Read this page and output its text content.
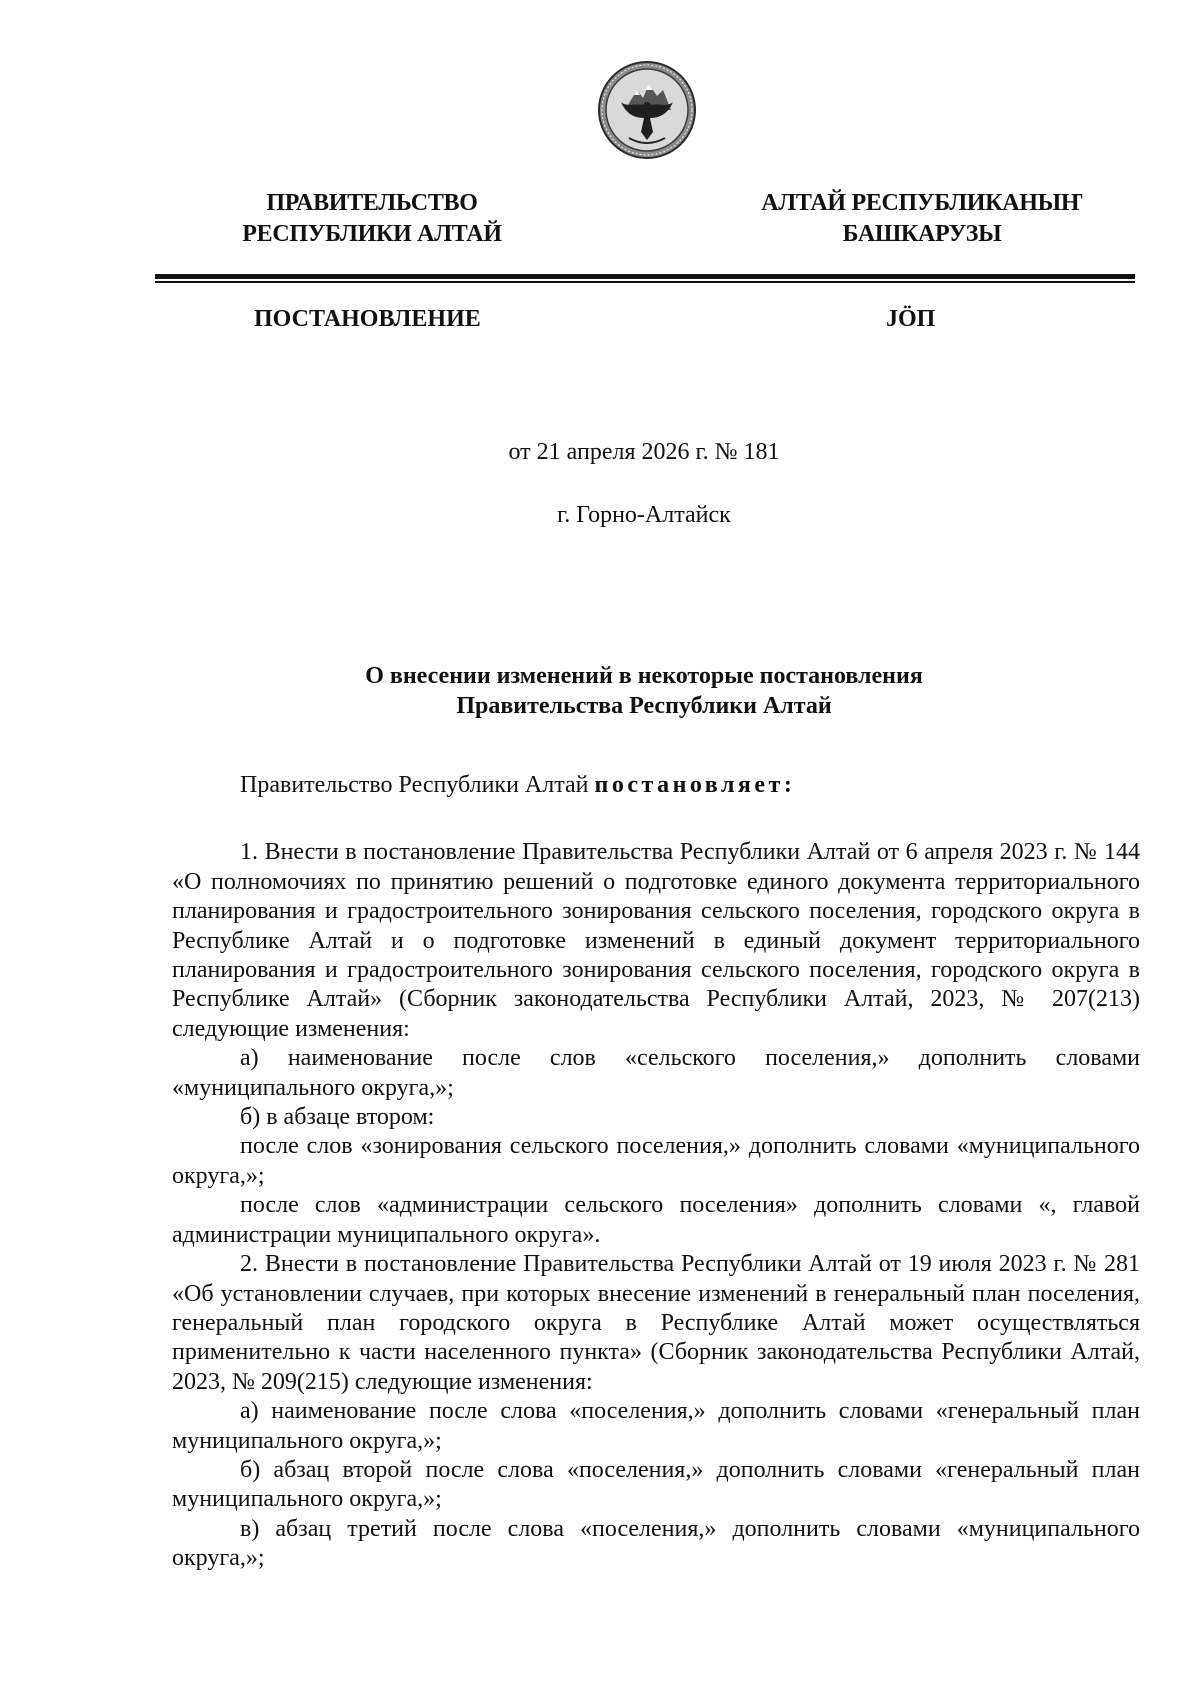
ПРАВИТЕЛЬСТВО
РЕСПУБЛИКИ АЛТАЙ
АЛТАЙ РЕСПУБЛИКАНЫҤ
БАШКАРУЗЫ
ПОСТАНОВЛЕНИЕ	ЈÖП
от 21 апреля 2026 г. № 181
г. Горно-Алтайск
О внесении изменений в некоторые постановления
Правительства Республики Алтай

Правительство Республики Алтай постановляет:

1. Внести в постановление Правительства Республики Алтай от 6 апреля 2023 г. № 144 «О полномочиях по принятию решений о подготовке единого документа территориального планирования и градостроительного зонирования сельского поселения, городского округа в Республике Алтай и о подготовке изменений в единый документ территориального планирования и градостроительного зонирования сельского поселения, городского округа в Республике Алтай» (Сборник законодательства Республики Алтай, 2023, № 207(213) следующие изменения:

а) наименование после слов «сельского поселения,» дополнить словами «муниципального округа,»;

б) в абзаце втором:

после слов «зонирования сельского поселения,» дополнить словами «муниципального округа,»;

после слов «администрации сельского поселения» дополнить словами «, главой администрации муниципального округа».

2. Внести в постановление Правительства Республики Алтай от 19 июля 2023 г. № 281 «Об установлении случаев, при которых внесение изменений в генеральный план поселения, генеральный план городского округа в Республике Алтай может осуществляться применительно к части населенного пункта» (Сборник законодательства Республики Алтай, 2023, № 209(215) следующие изменения:

а) наименование после слова «поселения,» дополнить словами «генеральный план муниципального округа,»;

б) абзац второй после слова «поселения,» дополнить словами «генеральный план муниципального округа,»;

в) абзац третий после слова «поселения,» дополнить словами «муниципального округа,»;
